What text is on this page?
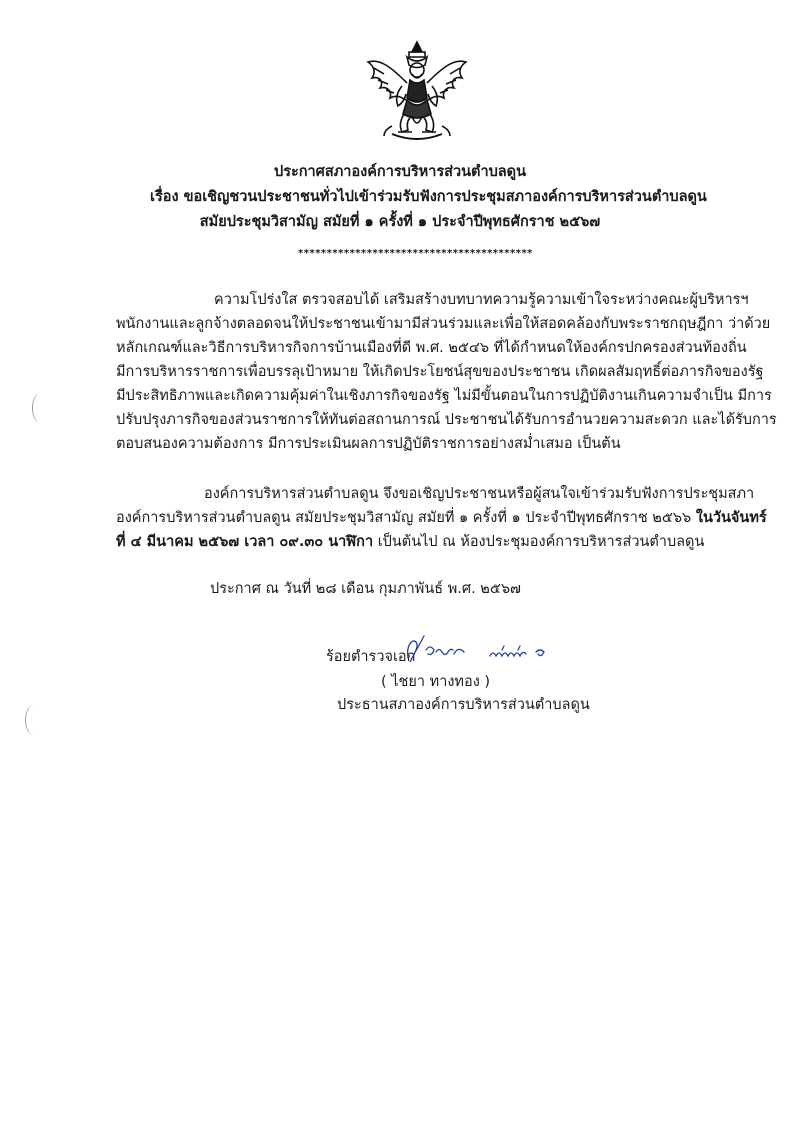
ประกาศสภาองค์การบริหารส่วนตำบลดูน
เรื่อง ขอเชิญชวนประชาชนทั่วไปเข้าร่วมรับฟังการประชุมสภาองค์การบริหารส่วนตำบลดูน
สมัยประชุมวิสามัญ สมัยที่ ๑ ครั้งที่ ๑ ประจำปีพุทธศักราช ๒๕๖๗
*****************************************
ความโปร่งใส ตรวจสอบได้ เสริมสร้างบทบาทความรู้ความเข้าใจระหว่างคณะผู้บริหารฯ
พนักงานและลูกจ้างตลอดจนให้ประชาชนเข้ามามีส่วนร่วมและเพื่อให้สอดคล้องกับพระราชกฤษฎีกา ว่าด้วย
หลักเกณฑ์และวิธีการบริหารกิจการบ้านเมืองที่ดี พ.ศ. ๒๕๔๖ ที่ได้กำหนดให้องค์กรปกครองส่วนท้องถิ่น
มีการบริหารราชการเพื่อบรรลุเป้าหมาย ให้เกิดประโยชน์สุขของประชาชน เกิดผลสัมฤทธิ์ต่อภารกิจของรัฐ
มีประสิทธิภาพและเกิดความคุ้มค่าในเชิงภารกิจของรัฐ ไม่มีขั้นตอนในการปฏิบัติงานเกินความจำเป็น มีการ
ปรับปรุงภารกิจของส่วนราชการให้ทันต่อสถานการณ์ ประชาชนได้รับการอำนวยความสะดวก และได้รับการ
ตอบสนองความต้องการ มีการประเมินผลการปฏิบัติราชการอย่างสม่ำเสมอ เป็นต้น
องค์การบริหารส่วนตำบลดูน จึงขอเชิญประชาชนหรือผู้สนใจเข้าร่วมรับฟังการประชุมสภา
องค์การบริหารส่วนตำบลดูน สมัยประชุมวิสามัญ สมัยที่ ๑ ครั้งที่ ๑ ประจำปีพุทธศักราช ๒๕๖๖ ในวันจันทร์
ที่ ๔ มีนาคม ๒๕๖๗ เวลา ๐๙.๓๐ นาฬิกา เป็นต้นไป ณ ห้องประชุมองค์การบริหารส่วนตำบลดูน
ประกาศ ณ วันที่ ๒๘ เดือน กุมภาพันธ์ พ.ศ. ๒๕๖๗
ร้อยตำรวจเอก
( ไชยา ทางทอง )
ประธานสภาองค์การบริหารส่วนตำบลดูน
